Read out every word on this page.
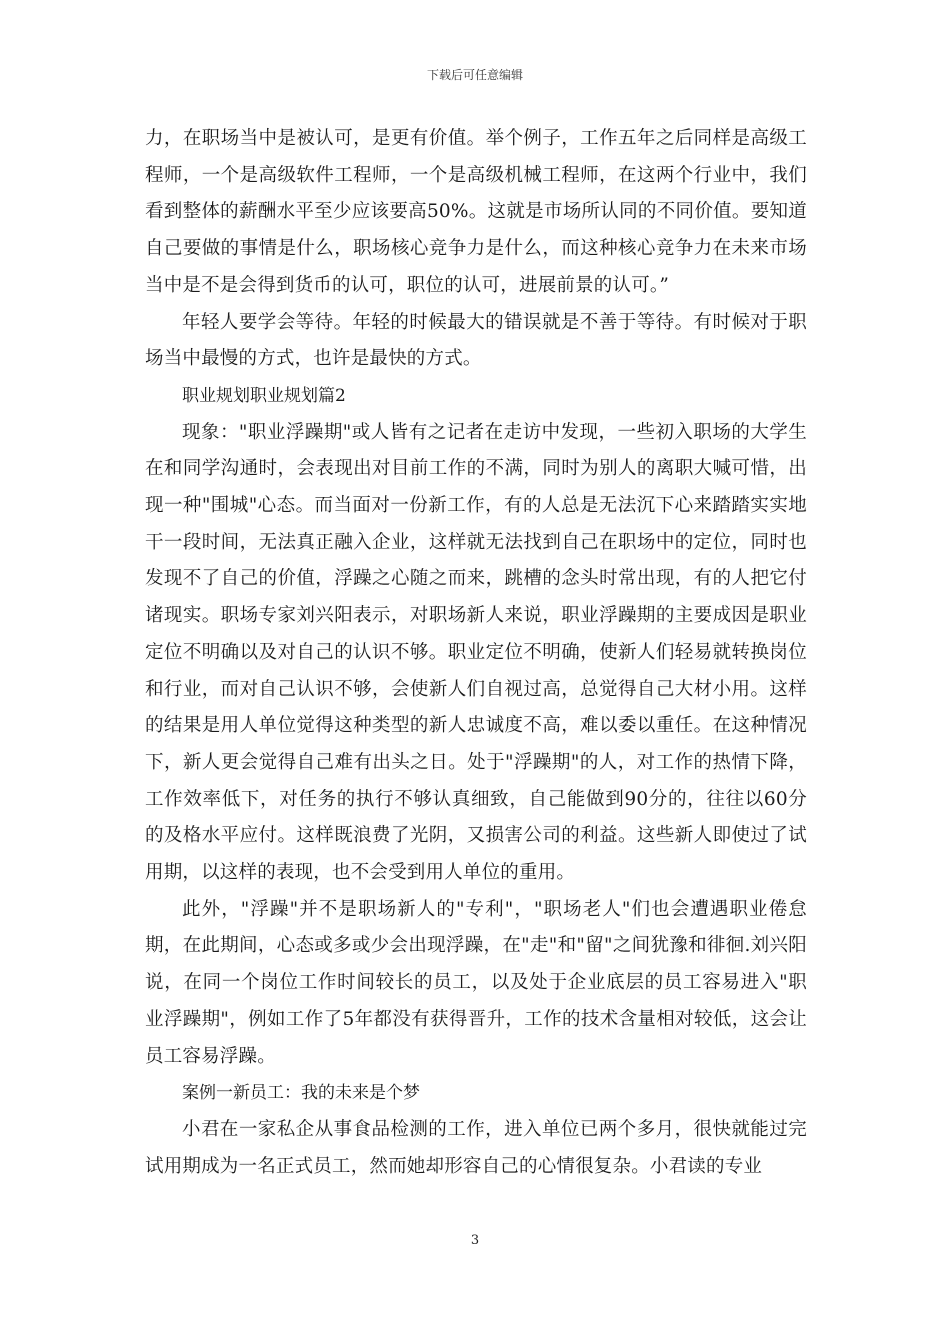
下载后可任意编辑

力，在职场当中是被认可，是更有价值。举个例子，工作五年之后同样是高级工程师，一个是高级软件工程师，一个是高级机械工程师，在这两个行业中，我们看到整体的薪酬水平至少应该要高50%。这就是市场所认同的不同价值。要知道自己要做的事情是什么，职场核心竞争力是什么，而这种核心竞争力在未来市场当中是不是会得到货币的认可，职位的认可，进展前景的认可。”

年轻人要学会等待。年轻的时候最大的错误就是不善于等待。有时候对于职场当中最慢的方式，也许是最快的方式。

职业规划职业规划篇2

现象："职业浮躁期"或人皆有之记者在走访中发现，一些初入职场的大学生在和同学沟通时，会表现出对目前工作的不满，同时为别人的离职大喊可惜，出现一种"围城"心态。而当面对一份新工作，有的人总是无法沉下心来踏踏实实地干一段时间，无法真正融入企业，这样就无法找到自己在职场中的定位，同时也发现不了自己的价值，浮躁之心随之而来，跳槽的念头时常出现，有的人把它付诸现实。职场专家刘兴阳表示，对职场新人来说，职业浮躁期的主要成因是职业定位不明确以及对自己的认识不够。职业定位不明确，使新人们轻易就转换岗位和行业，而对自己认识不够，会使新人们自视过高，总觉得自己大材小用。这样的结果是用人单位觉得这种类型的新人忠诚度不高，难以委以重任。在这种情况下，新人更会觉得自己难有出头之日。处于"浮躁期"的人，对工作的热情下降，工作效率低下，对任务的执行不够认真细致，自己能做到90分的，往往以60分的及格水平应付。这样既浪费了光阴，又损害公司的利益。这些新人即使过了试用期，以这样的表现，也不会受到用人单位的重用。

此外，"浮躁"并不是职场新人的"专利"，"职场老人"们也会遭遇职业倦怠期，在此期间，心态或多或少会出现浮躁，在"走"和"留"之间犹豫和徘徊.刘兴阳说，在同一个岗位工作时间较长的员工，以及处于企业底层的员工容易进入"职业浮躁期"，例如工作了5年都没有获得晋升，工作的技术含量相对较低，这会让员工容易浮躁。

案例一新员工：我的未来是个梦

小君在一家私企从事食品检测的工作，进入单位已两个多月，很快就能过完试用期成为一名正式员工，然而她却形容自己的心情很复杂。小君读的专业

3
